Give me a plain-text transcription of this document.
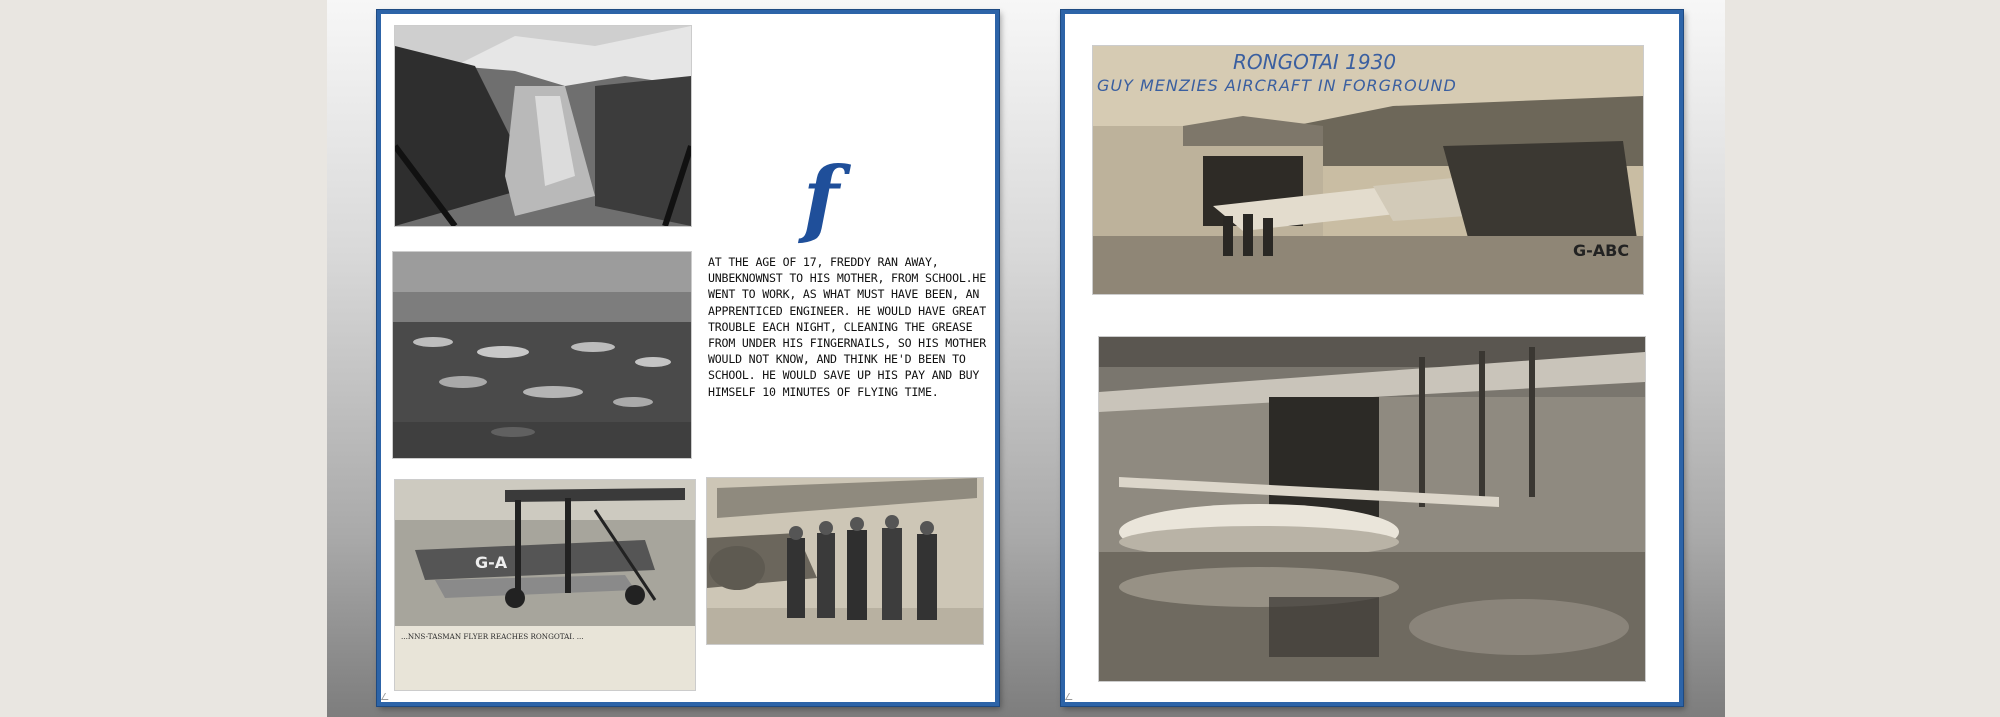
f

AT THE AGE OF 17, FREDDY RAN AWAY, UNBEKNOWNST TO HIS MOTHER, FROM SCHOOL.HE WENT TO WORK, AS WHAT MUST HAVE BEEN, AN APPRENTICED ENGINEER. HE WOULD HAVE GREAT TROUBLE EACH NIGHT, CLEANING THE GREASE FROM UNDER HIS FINGERNAILS, SO HIS MOTHER WOULD NOT KNOW, AND THINK HE'D BEEN TO SCHOOL. HE WOULD SAVE UP HIS PAY AND BUY HIMSELF 10 MINUTES OF FLYING TIME.

G-A
...NNS-TASMAN FLYER REACHES RONGOTAI. ...
G-ABC
RONGOTAI 1930
GUY MENZIES AIRCRAFT IN FORGROUND
